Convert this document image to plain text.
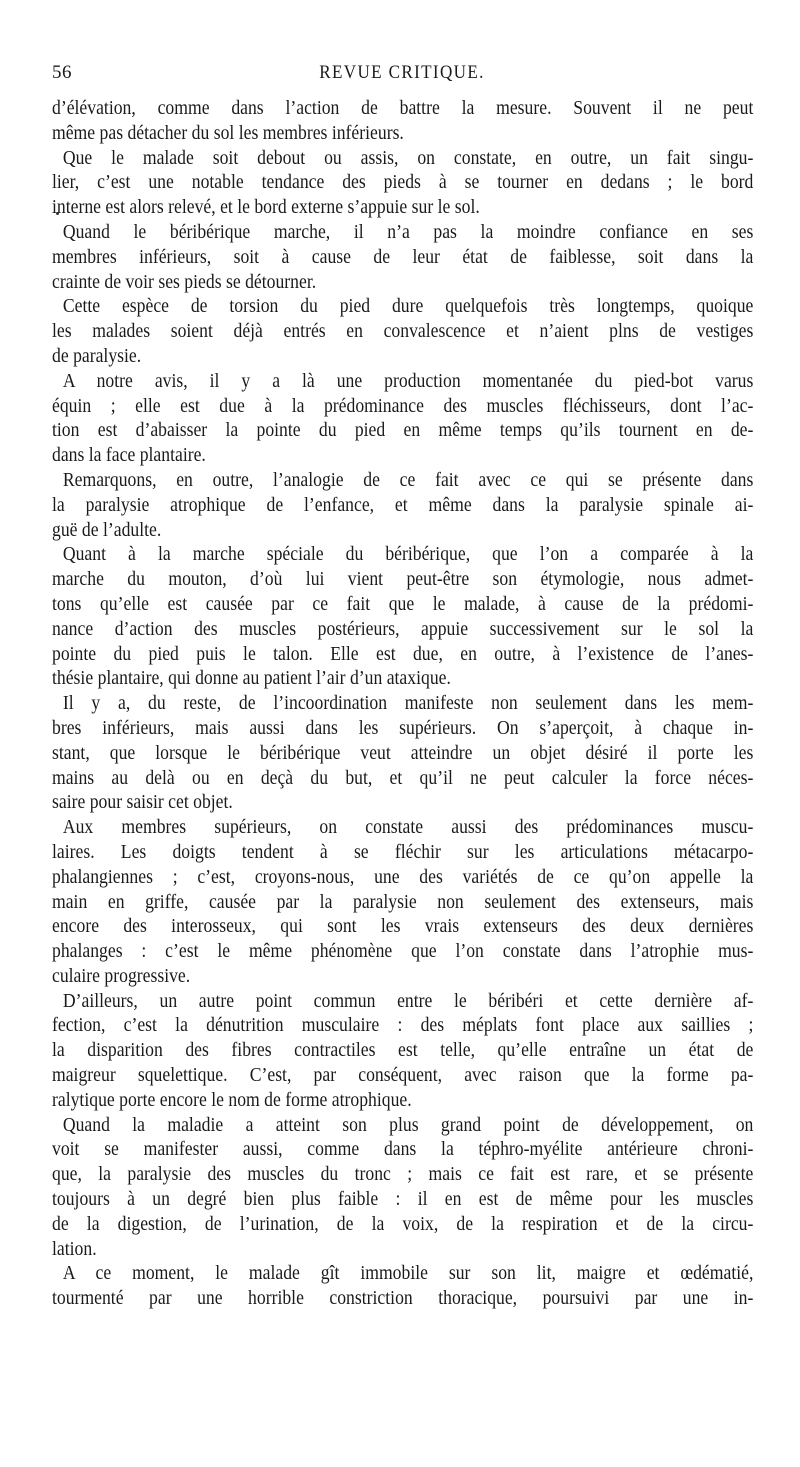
56	REVUE CRITIQUE.
d’élévation, comme dans l’action de battre la mesure. Souvent il ne peut
même pas détacher du sol les membres inférieurs.
Que le malade soit debout ou assis, on constate, en outre, un fait singu-
lier, c’est une notable tendance des pieds à se tourner en dedans ; le bord
interne est alors relevé, et le bord externe s’appuie sur le sol.
Quand le béribérique marche, il n’a pas la moindre confiance en ses
membres inférieurs, soit à cause de leur état de faiblesse, soit dans la
crainte de voir ses pieds se détourner.
Cette espèce de torsion du pied dure quelquefois très longtemps, quoique
les malades soient déjà entrés en convalescence et n’aient plns de vestiges
de paralysie.
A notre avis, il y a là une production momentanée du pied-bot varus
équin ; elle est due à la prédominance des muscles fléchisseurs, dont l’ac-
tion est d’abaisser la pointe du pied en même temps qu’ils tournent en de-
dans la face plantaire.
Remarquons, en outre, l’analogie de ce fait avec ce qui se présente dans
la paralysie atrophique de l’enfance, et même dans la paralysie spinale ai-
guë de l’adulte.
Quant à la marche spéciale du béribérique, que l’on a comparée à la
marche du mouton, d’où lui vient peut-être son étymologie, nous admet-
tons qu’elle est causée par ce fait que le malade, à cause de la prédomi-
nance d’action des muscles postérieurs, appuie successivement sur le sol la
pointe du pied puis le talon. Elle est due, en outre, à l’existence de l’anes-
thésie plantaire, qui donne au patient l’air d’un ataxique.
Il y a, du reste, de l’incoordination manifeste non seulement dans les mem-
bres inférieurs, mais aussi dans les supérieurs. On s’aperçoit, à chaque in-
stant, que lorsque le béribérique veut atteindre un objet désiré il porte les
mains au delà ou en deçà du but, et qu’il ne peut calculer la force néces-
saire pour saisir cet objet.
Aux membres supérieurs, on constate aussi des prédominances muscu-
laires. Les doigts tendent à se fléchir sur les articulations métacarpo-
phalangiennes ; c’est, croyons-nous, une des variétés de ce qu’on appelle la
main en griffe, causée par la paralysie non seulement des extenseurs, mais
encore des interosseux, qui sont les vrais extenseurs des deux dernières
phalanges : c’est le même phénomène que l’on constate dans l’atrophie mus-
culaire progressive.
D’ailleurs, un autre point commun entre le béribéri et cette dernière af-
fection, c’est la dénutrition musculaire : des méplats font place aux saillies ;
la disparition des fibres contractiles est telle, qu’elle entraîne un état de
maigreur squelettique. C’est, par conséquent, avec raison que la forme pa-
ralytique porte encore le nom de forme atrophique.
Quand la maladie a atteint son plus grand point de développement, on
voit se manifester aussi, comme dans la téphro-myélite antérieure chroni-
que, la paralysie des muscles du tronc ; mais ce fait est rare, et se présente
toujours à un degré bien plus faible : il en est de même pour les muscles
de la digestion, de l’urination, de la voix, de la respiration et de la circu-
lation.
A ce moment, le malade gît immobile sur son lit, maigre et œdématié,
tourmenté par une horrible constriction thoracique, poursuivi par une in-
